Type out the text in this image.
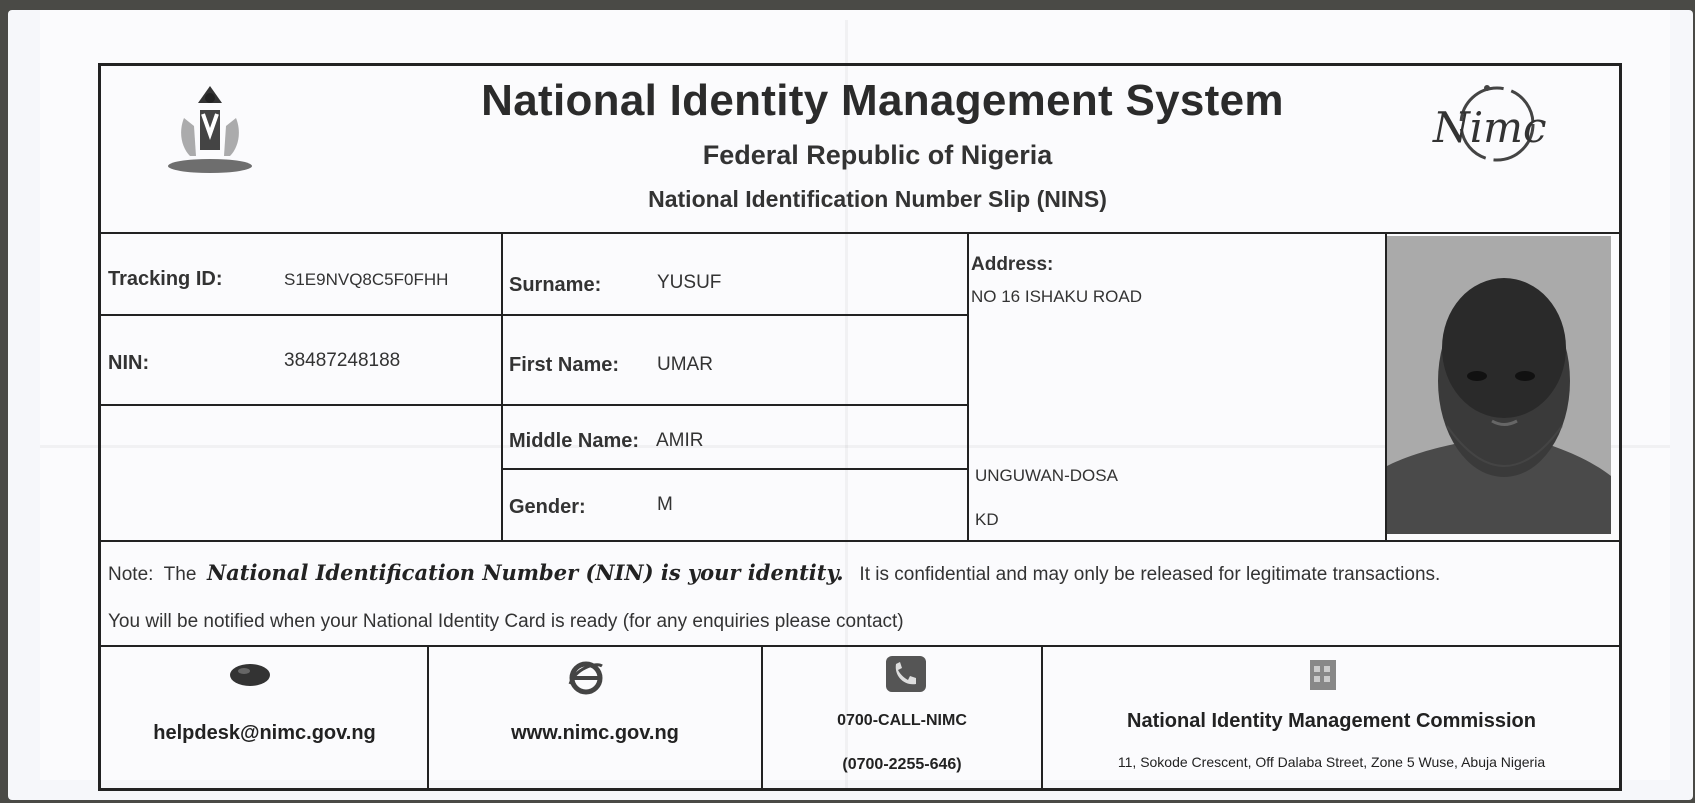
National Identity Management System
Federal Republic of Nigeria
National Identification Number Slip (NINS)
Nimc
Tracking ID:	S1E9NVQ8C5F0FHH
NIN:	38487248188
Surname:	YUSUF
First Name: UMAR
Middle Name: AMIR
Gender:	M
Address:
NO 16 ISHAKU ROAD
UNGUWAN-DOSA
KD
Note: The National Identification Number (NIN) is your identity. It is confidential and may only be released for legitimate transactions.
You will be notified when your National Identity Card is ready (for any enquiries please contact)
helpdesk@nimc.gov.ng	www.nimc.gov.ng
0700-CALL-NIMC
(0700-2255-646)
National Identity Management Commission
11, Sokode Crescent, Off Dalaba Street, Zone 5 Wuse, Abuja Nigeria
